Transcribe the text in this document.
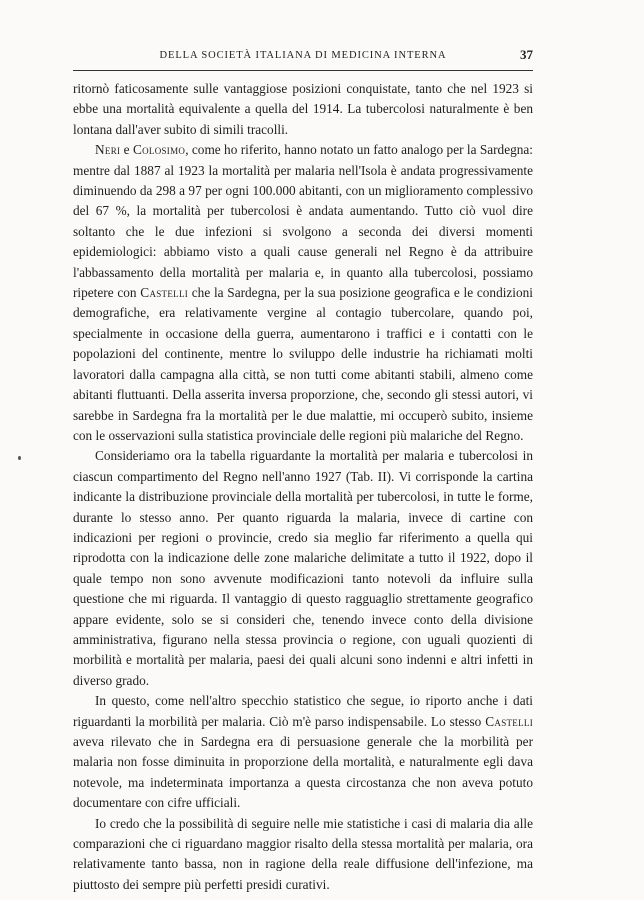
DELLA SOCIETÀ ITALIANA DI MEDICINA INTERNA	37

ritornò faticosamente sulle vantaggiose posizioni conquistate, tanto che nel 1923 si ebbe una mortalità equivalente a quella del 1914. La tubercolosi naturalmente è ben lontana dall'aver subito di simili tracolli.

Neri e Colosimo, come ho riferito, hanno notato un fatto analogo per la Sardegna: mentre dal 1887 al 1923 la mortalità per malaria nell'Isola è andata progressivamente diminuendo da 298 a 97 per ogni 100.000 abitanti, con un miglioramento complessivo del 67 %, la mortalità per tubercolosi è andata aumentando. Tutto ciò vuol dire soltanto che le due infezioni si svolgono a seconda dei diversi momenti epidemiologici: abbiamo visto a quali cause generali nel Regno è da attribuire l'abbassamento della mortalità per malaria e, in quanto alla tubercolosi, possiamo ripetere con Castelli che la Sardegna, per la sua posizione geografica e le condizioni demografiche, era relativamente vergine al contagio tubercolare, quando poi, specialmente in occasione della guerra, aumentarono i traffici e i contatti con le popolazioni del continente, mentre lo sviluppo delle industrie ha richiamati molti lavoratori dalla campagna alla città, se non tutti come abitanti stabili, almeno come abitanti fluttuanti. Della asserita inversa proporzione, che, secondo gli stessi autori, vi sarebbe in Sardegna fra la mortalità per le due malattie, mi occuperò subito, insieme con le osservazioni sulla statistica provinciale delle regioni più malariche del Regno.

Consideriamo ora la tabella riguardante la mortalità per malaria e tubercolosi in ciascun compartimento del Regno nell'anno 1927 (Tab. II). Vi corrisponde la cartina indicante la distribuzione provinciale della mortalità per tubercolosi, in tutte le forme, durante lo stesso anno. Per quanto riguarda la malaria, invece di cartine con indicazioni per regioni o provincie, credo sia meglio far riferimento a quella qui riprodotta con la indicazione delle zone malariche delimitate a tutto il 1922, dopo il quale tempo non sono avvenute modificazioni tanto notevoli da influire sulla questione che mi riguarda. Il vantaggio di questo ragguaglio strettamente geografico appare evidente, solo se si consideri che, tenendo invece conto della divisione amministrativa, figurano nella stessa provincia o regione, con uguali quozienti di morbilità e mortalità per malaria, paesi dei quali alcuni sono indenni e altri infetti in diverso grado.

In questo, come nell'altro specchio statistico che segue, io riporto anche i dati riguardanti la morbilità per malaria. Ciò m'è parso indispensabile. Lo stesso Castelli aveva rilevato che in Sardegna era di persuasione generale che la morbilità per malaria non fosse diminuita in proporzione della mortalità, e naturalmente egli dava notevole, ma indeterminata importanza a questa circostanza che non aveva potuto documentare con cifre ufficiali.

Io credo che la possibilità di seguire nelle mie statistiche i casi di malaria dia alle comparazioni che ci riguardano maggior risalto della stessa mortalità per malaria, ora relativamente tanto bassa, non in ragione della reale diffusione dell'infezione, ma piuttosto dei sempre più perfetti presidi curativi.
